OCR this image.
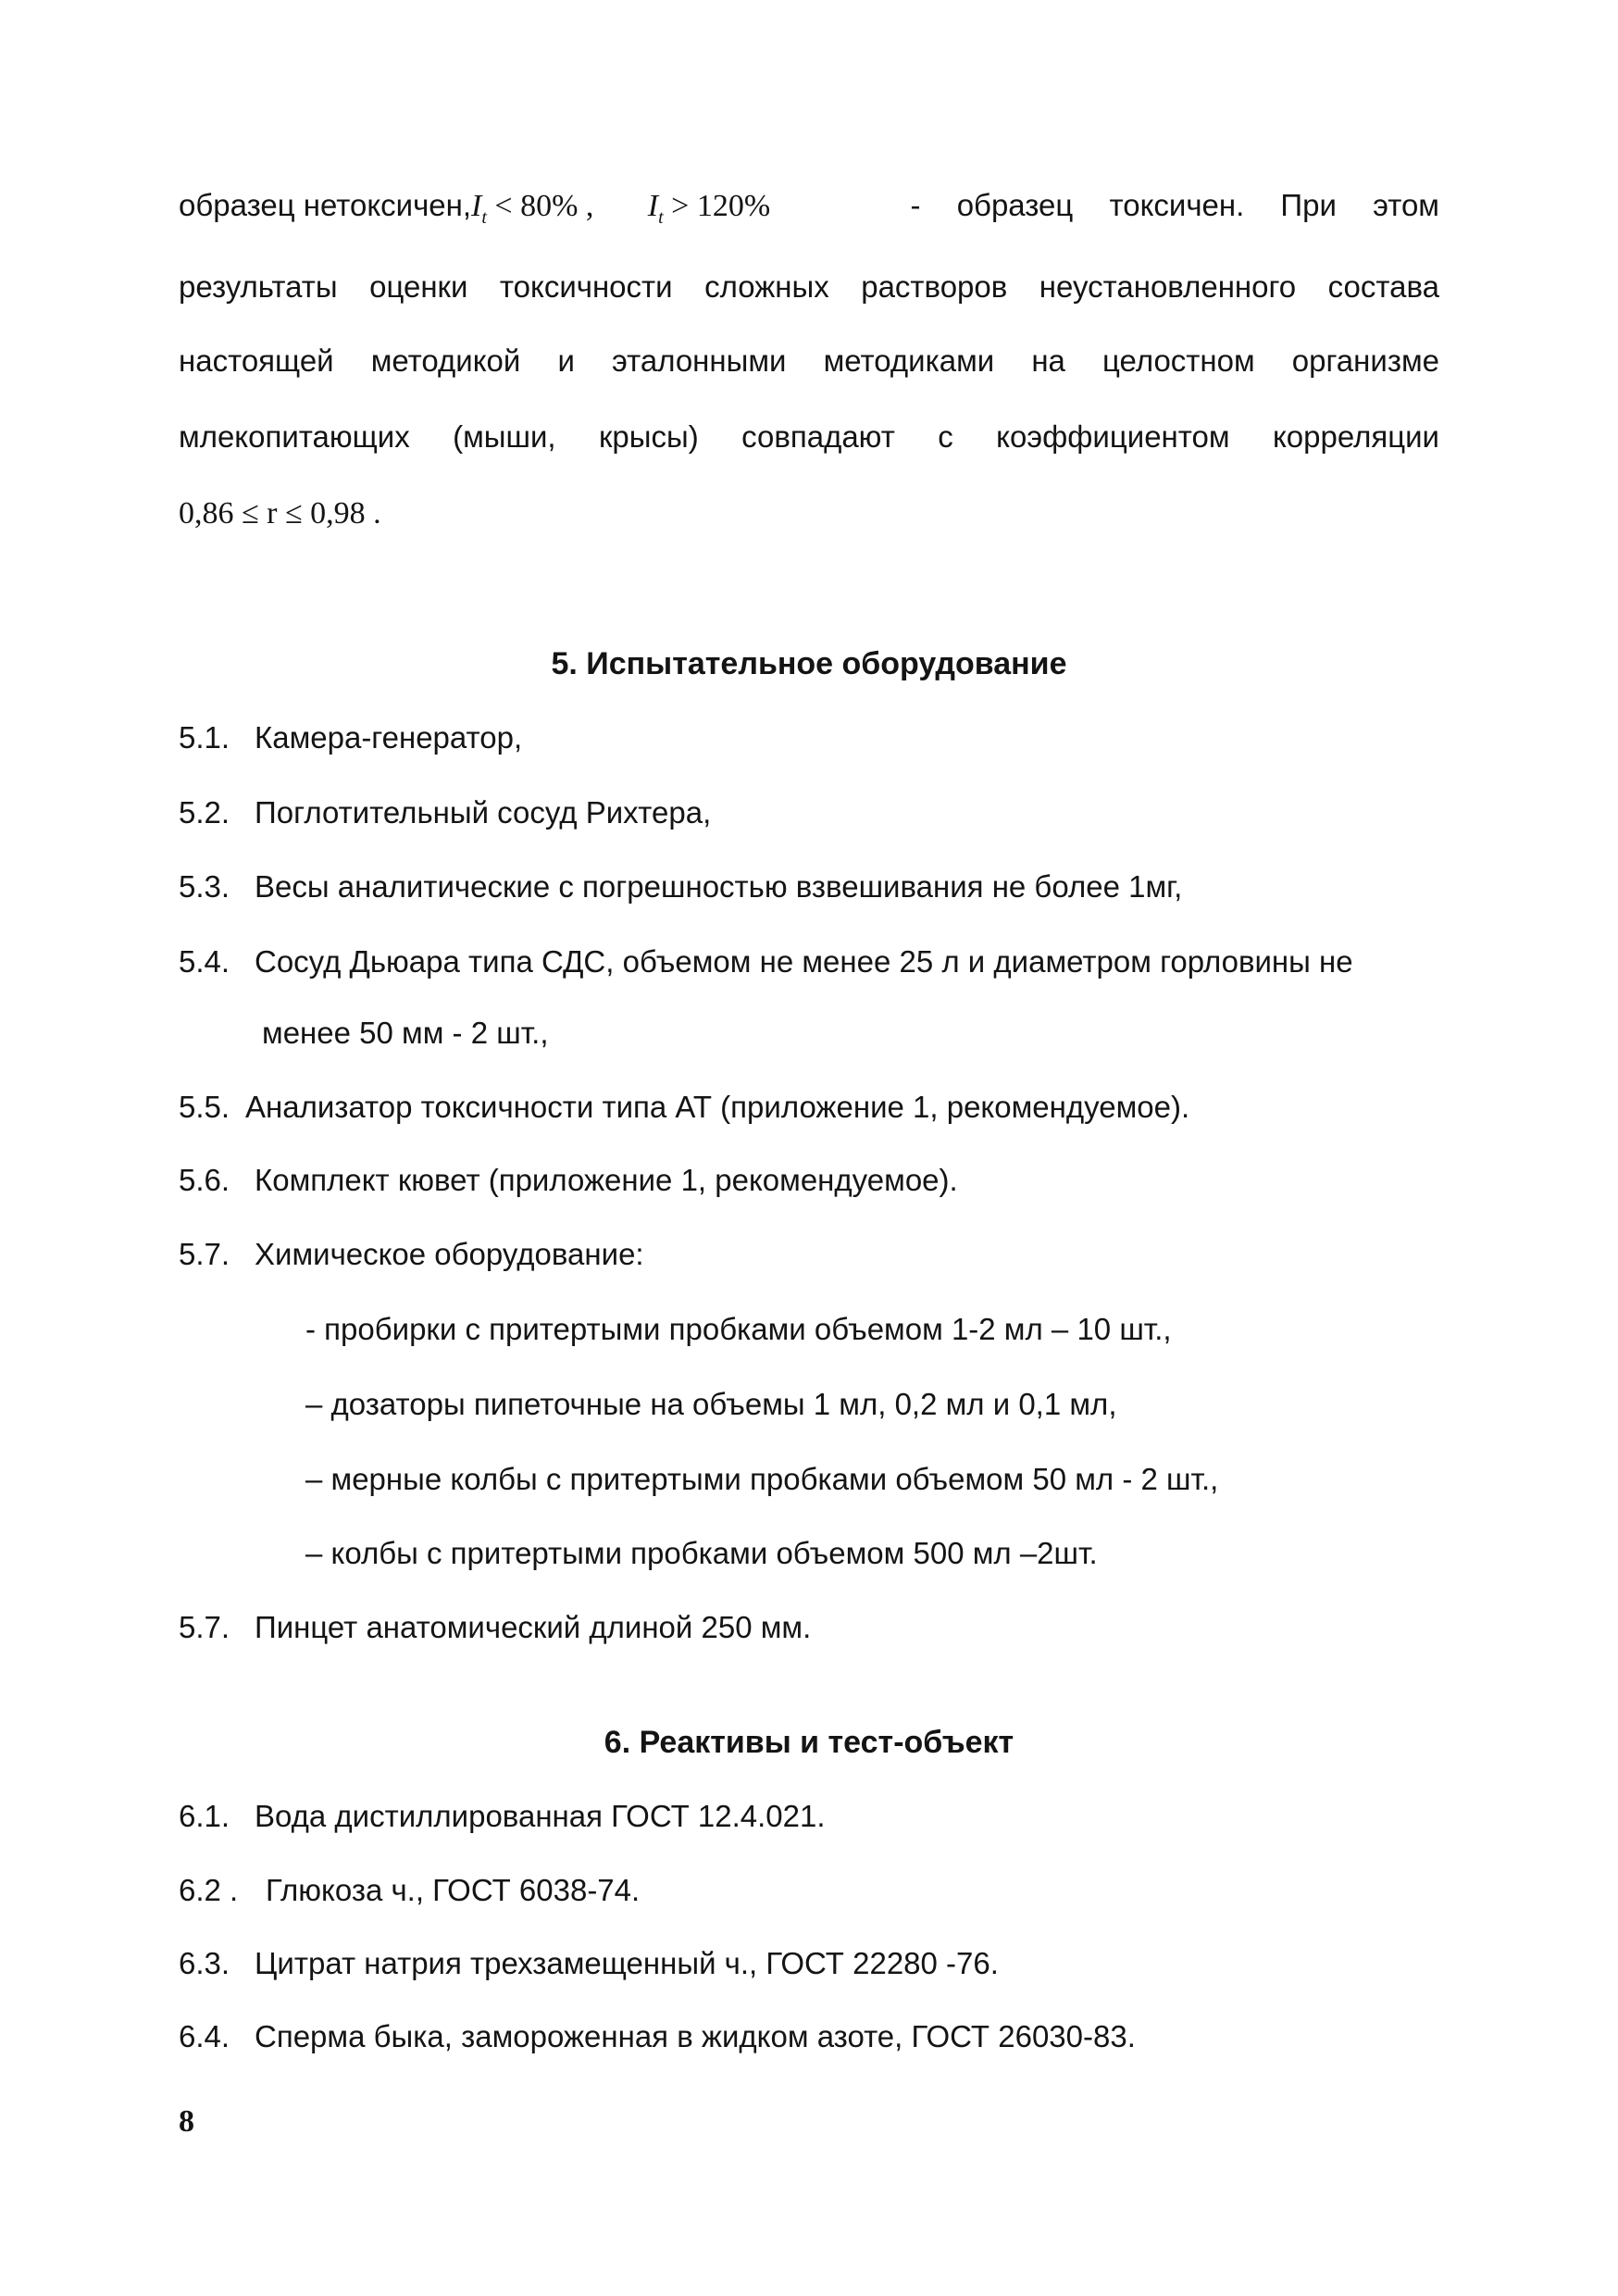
образец $нетоксичен,I_t < 80\%$ , $I_t > 120\%$	- образец токсичен. При этом
результаты оценки токсичности сложных растворов неустановленного состава
настоящей методикой и эталонными методиками на целостном организме
млекопитающих (мыши, крысы) совпадают с коэффициентом корреляции
0,86 ≤ r ≤ 0,98 .
5. Испытательное оборудование
5.1. Камера-генератор,
5.2. Поглотительный сосуд Рихтера,
5.3. Весы аналитические с погрешностью взвешивания не более 1мг,
5.4. Сосуд Дьюара типа СДС, объемом не менее 25 л и диаметром горловины не
менее 50 мм - 2 шт.,
5.5. Анализатор токсичности типа АТ (приложение 1, рекомендуемое).
5.6. Комплект кювет (приложение 1, рекомендуемое).
5.7. Химическое оборудование:
- пробирки с притертыми пробками объемом 1-2 мл – 10 шт.,
– дозаторы пипеточные на объемы 1 мл, 0,2 мл и 0,1 мл,
– мерные колбы с притертыми пробками объемом 50 мл - 2 шт.,
– колбы с притертыми пробками объемом 500 мл –2шт.
5.7. Пинцет анатомический длиной 250 мм.
6. Реактивы и тест-объект
6.1. Вода дистиллированная ГОСТ 12.4.021.
6.2 . Глюкоза ч., ГОСТ 6038-74.
6.3. Цитрат натрия трехзамещенный ч., ГОСТ 22280 -76.
6.4. Сперма быка, замороженная в жидком азоте, ГОСТ 26030-83.
8
